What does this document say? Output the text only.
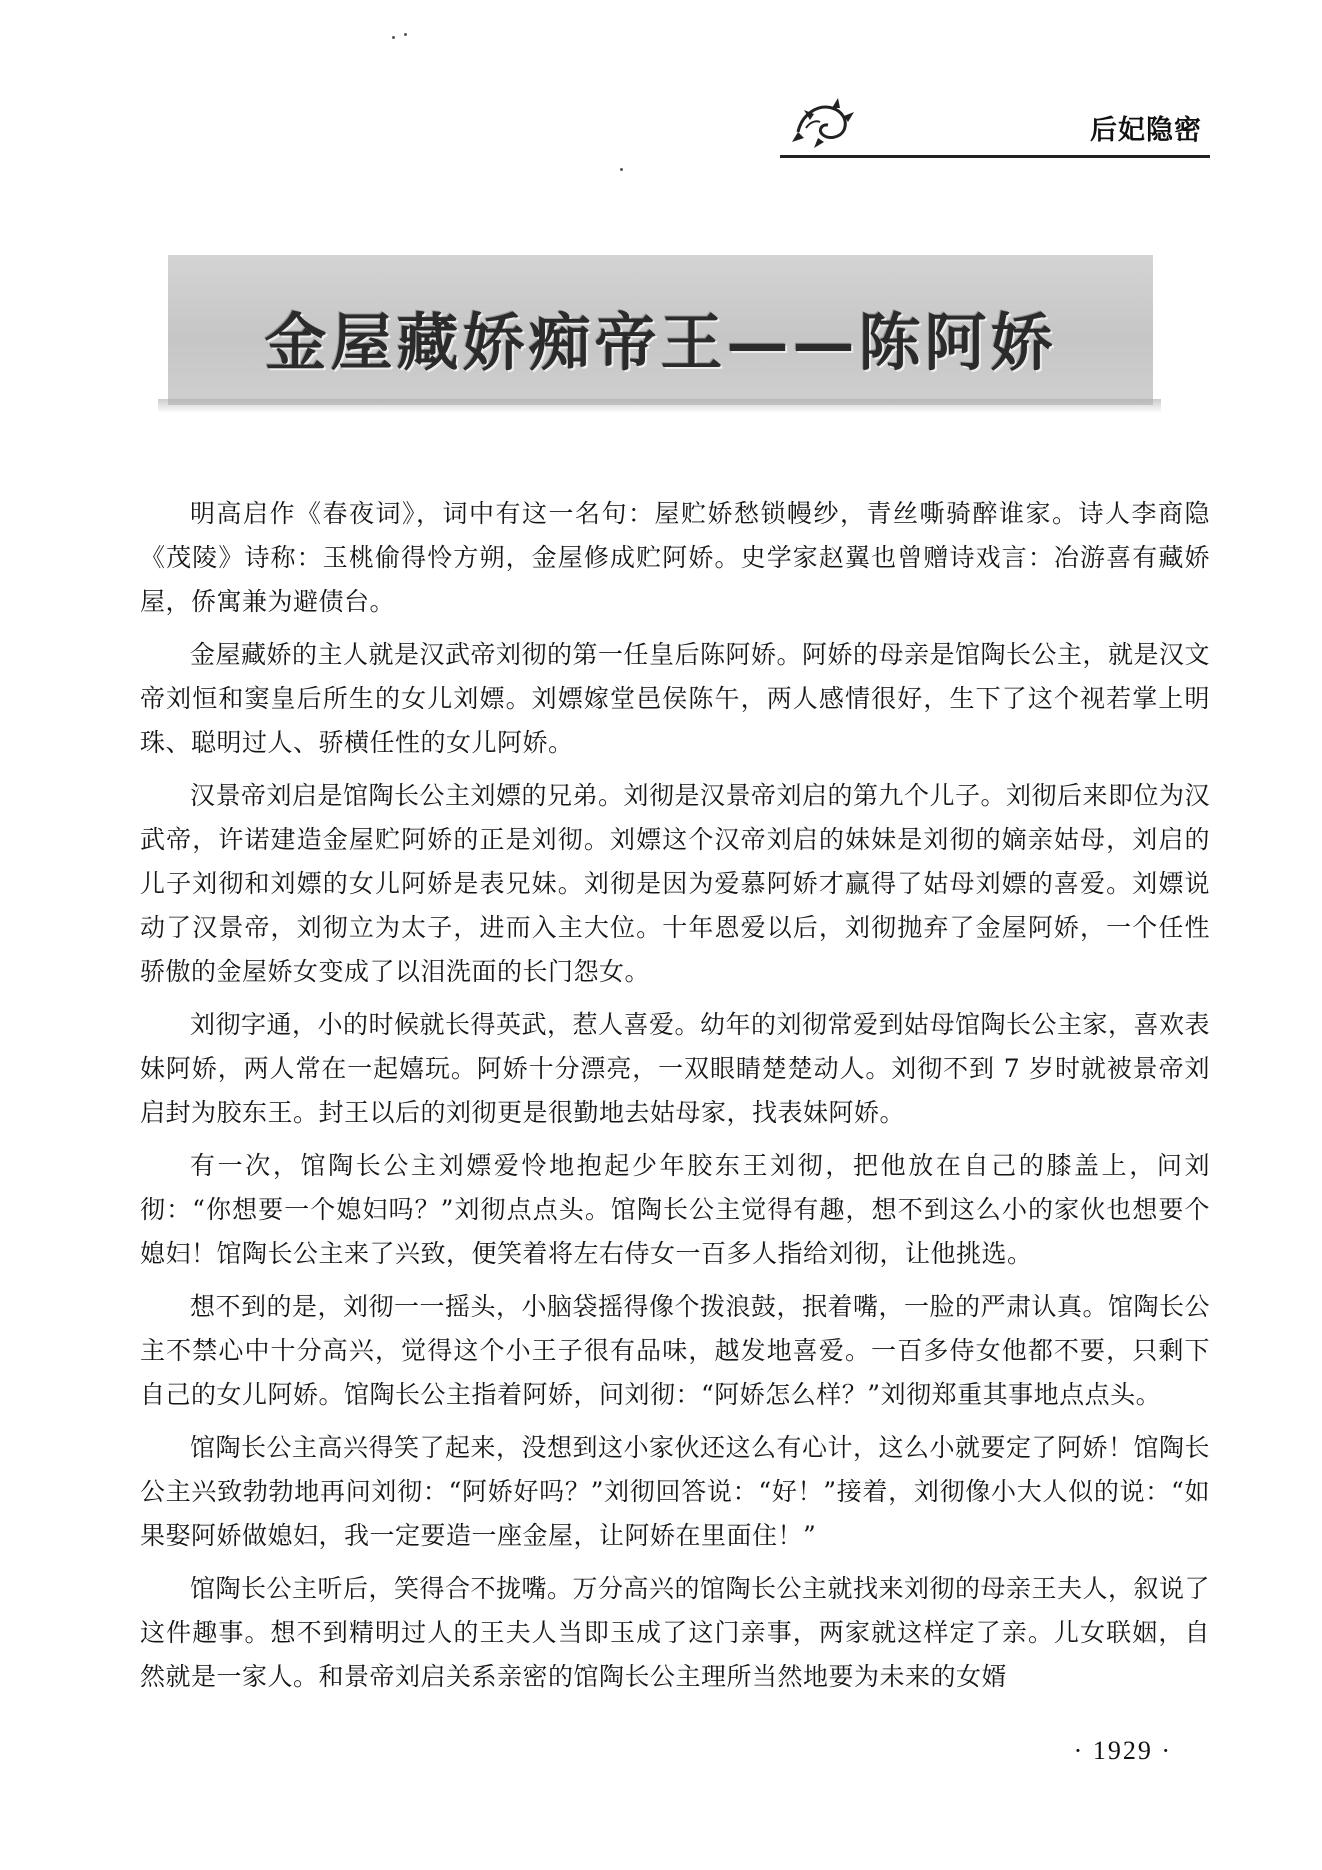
后妃隐密
金屋藏娇痴帝王——陈阿娇

明高启作《春夜词》，词中有这一名句：屋贮娇愁锁幔纱，青丝嘶骑醉谁家。诗人李商隐《茂陵》诗称：玉桃偷得怜方朔，金屋修成贮阿娇。史学家赵翼也曾赠诗戏言：冶游喜有藏娇屋，侨寓兼为避债台。

金屋藏娇的主人就是汉武帝刘彻的第一任皇后陈阿娇。阿娇的母亲是馆陶长公主，就是汉文帝刘恒和窦皇后所生的女儿刘嫖。刘嫖嫁堂邑侯陈午，两人感情很好，生下了这个视若掌上明珠、聪明过人、骄横任性的女儿阿娇。

汉景帝刘启是馆陶长公主刘嫖的兄弟。刘彻是汉景帝刘启的第九个儿子。刘彻后来即位为汉武帝，许诺建造金屋贮阿娇的正是刘彻。刘嫖这个汉帝刘启的妹妹是刘彻的嫡亲姑母，刘启的儿子刘彻和刘嫖的女儿阿娇是表兄妹。刘彻是因为爱慕阿娇才赢得了姑母刘嫖的喜爱。刘嫖说动了汉景帝，刘彻立为太子，进而入主大位。十年恩爱以后，刘彻抛弃了金屋阿娇，一个任性骄傲的金屋娇女变成了以泪洗面的长门怨女。

刘彻字通，小的时候就长得英武，惹人喜爱。幼年的刘彻常爱到姑母馆陶长公主家，喜欢表妹阿娇，两人常在一起嬉玩。阿娇十分漂亮，一双眼睛楚楚动人。刘彻不到 7 岁时就被景帝刘启封为胶东王。封王以后的刘彻更是很勤地去姑母家，找表妹阿娇。

有一次，馆陶长公主刘嫖爱怜地抱起少年胶东王刘彻，把他放在自己的膝盖上，问刘彻：“你想要一个媳妇吗？”刘彻点点头。馆陶长公主觉得有趣，想不到这么小的家伙也想要个媳妇！馆陶长公主来了兴致，便笑着将左右侍女一百多人指给刘彻，让他挑选。

想不到的是，刘彻一一摇头，小脑袋摇得像个拨浪鼓，抿着嘴，一脸的严肃认真。馆陶长公主不禁心中十分高兴，觉得这个小王子很有品味，越发地喜爱。一百多侍女他都不要，只剩下自己的女儿阿娇。馆陶长公主指着阿娇，问刘彻：“阿娇怎么样？”刘彻郑重其事地点点头。

馆陶长公主高兴得笑了起来，没想到这小家伙还这么有心计，这么小就要定了阿娇！馆陶长公主兴致勃勃地再问刘彻：“阿娇好吗？”刘彻回答说：“好！”接着，刘彻像小大人似的说：“如果娶阿娇做媳妇，我一定要造一座金屋，让阿娇在里面住！”

馆陶长公主听后，笑得合不拢嘴。万分高兴的馆陶长公主就找来刘彻的母亲王夫人，叙说了这件趣事。想不到精明过人的王夫人当即玉成了这门亲事，两家就这样定了亲。儿女联姻，自然就是一家人。和景帝刘启关系亲密的馆陶长公主理所当然地要为未来的女婿

· 1929 ·
